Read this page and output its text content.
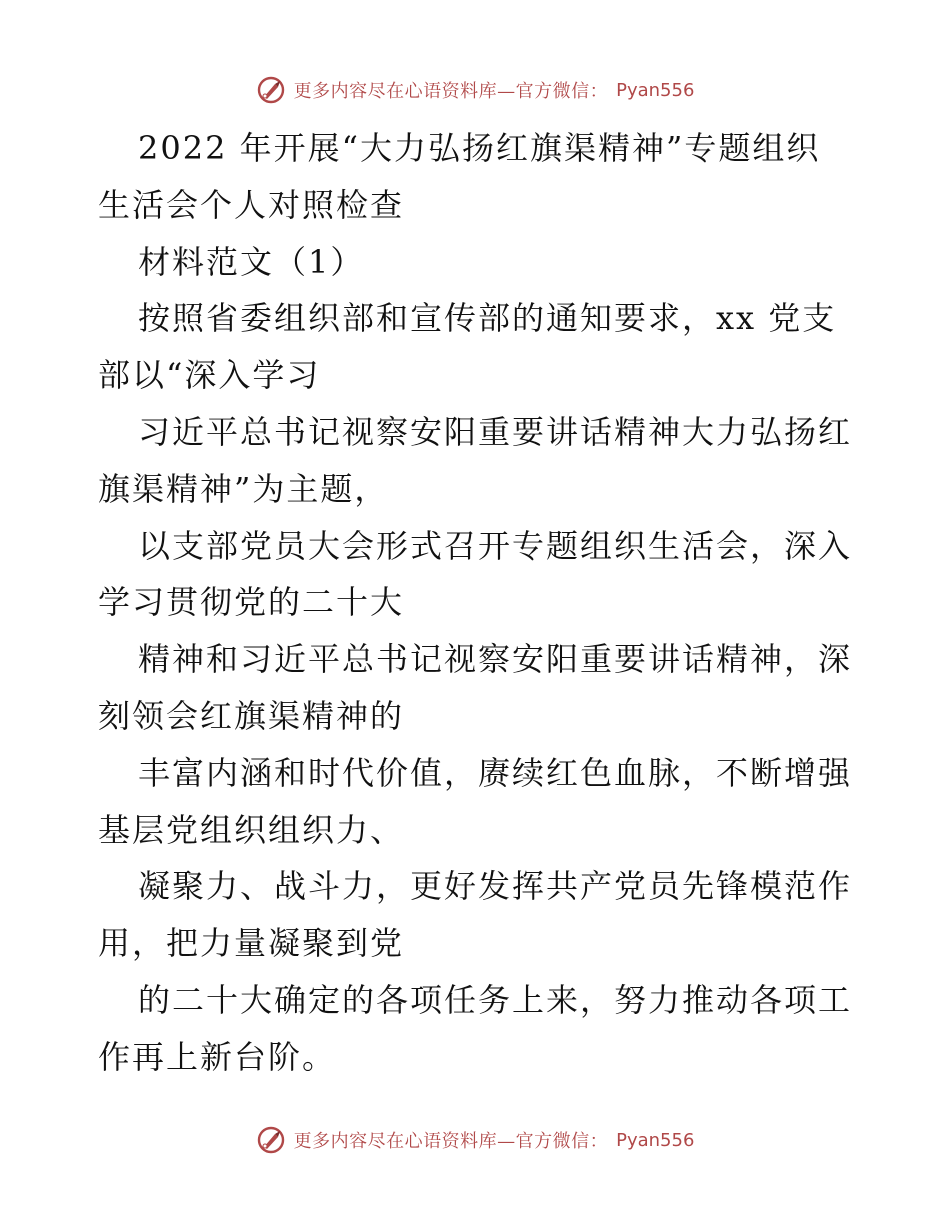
更多内容尽在心语资料库—官方微信： Pyan556
2022 年开展“大力弘扬红旗渠精神”专题组织
生活会个人对照检查
材料范文（1）
按照省委组织部和宣传部的通知要求，xx 党支
部以“深入学习
习近平总书记视察安阳重要讲话精神大力弘扬红
旗渠精神”为主题，
以支部党员大会形式召开专题组织生活会，深入
学习贯彻党的二十大
精神和习近平总书记视察安阳重要讲话精神，深
刻领会红旗渠精神的
丰富内涵和时代价值，赓续红色血脉，不断增强
基层党组织组织力、
凝聚力、战斗力，更好发挥共产党员先锋模范作
用，把力量凝聚到党
的二十大确定的各项任务上来，努力推动各项工
作再上新台阶。
更多内容尽在心语资料库—官方微信： Pyan556
